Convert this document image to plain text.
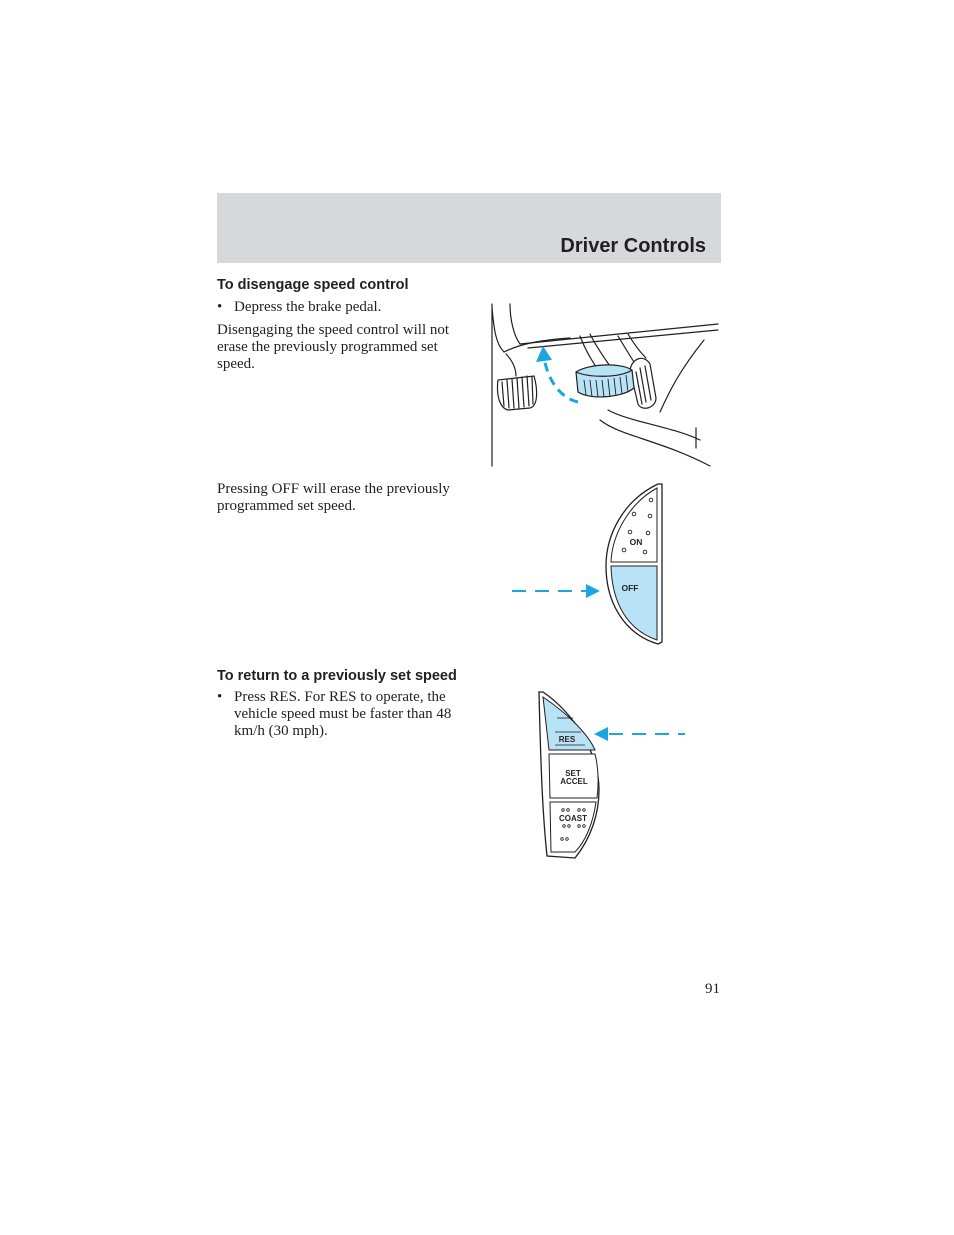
Driver Controls
To disengage speed control

• Depress the brake pedal.

Disengaging the speed control will not erase the previously programmed set speed.

Pressing OFF will erase the previously programmed set speed.

ON
OFF
To return to a previously set speed

• Press RES. For RES to operate, the vehicle speed must be faster than 48 km/h (30 mph).

RES
SET
ACCEL
COAST

91
